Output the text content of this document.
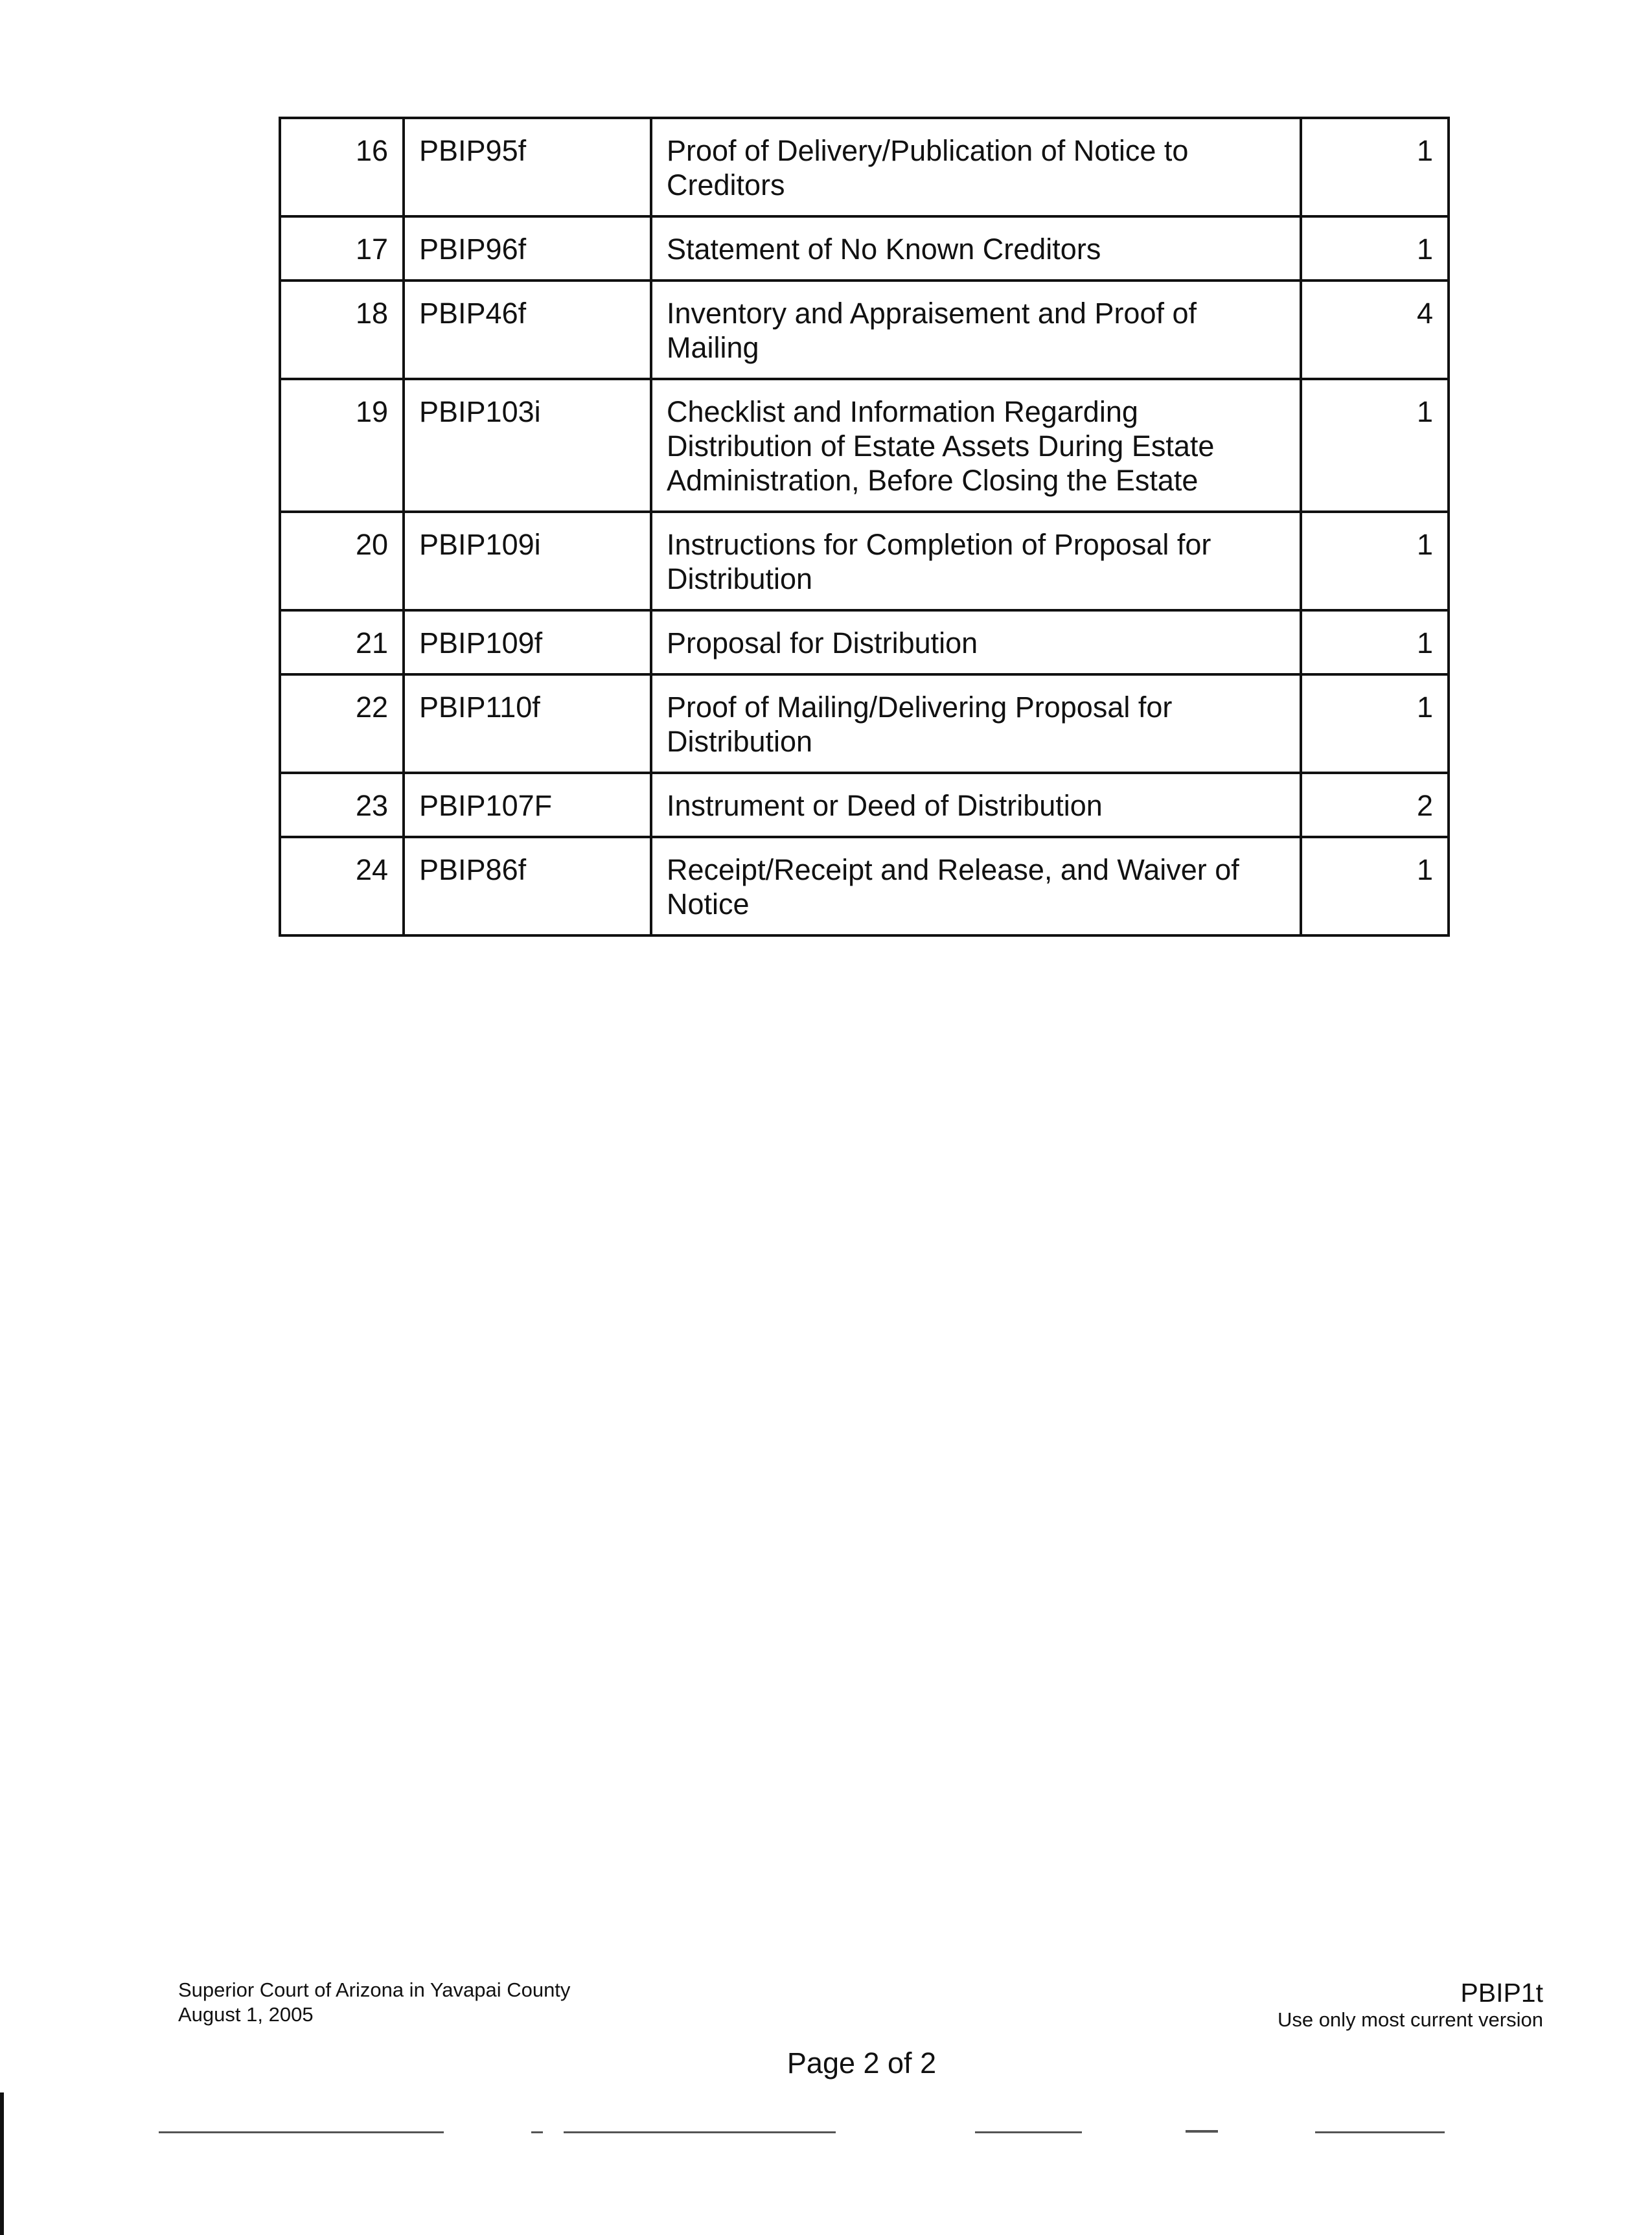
16	PBIP95f	Proof of Delivery/Publication of Notice to Creditors	1
17	PBIP96f	Statement of No Known Creditors	1
18	PBIP46f	Inventory and Appraisement and Proof of Mailing	4
19	PBIP103i	Checklist and Information Regarding Distribution of Estate Assets During Estate Administration, Before Closing the Estate	1
20	PBIP109i	Instructions for Completion of Proposal for Distribution	1
21	PBIP109f	Proposal for Distribution	1
22	PBIP110f	Proof of Mailing/Delivering Proposal for Distribution	1
23	PBIP107F	Instrument or Deed of Distribution	2
24	PBIP86f	Receipt/Receipt and Release, and Waiver of Notice	1
Superior Court of Arizona in Yavapai County
August 1, 2005
PBIP1t
Use only most current version
Page 2 of 2
